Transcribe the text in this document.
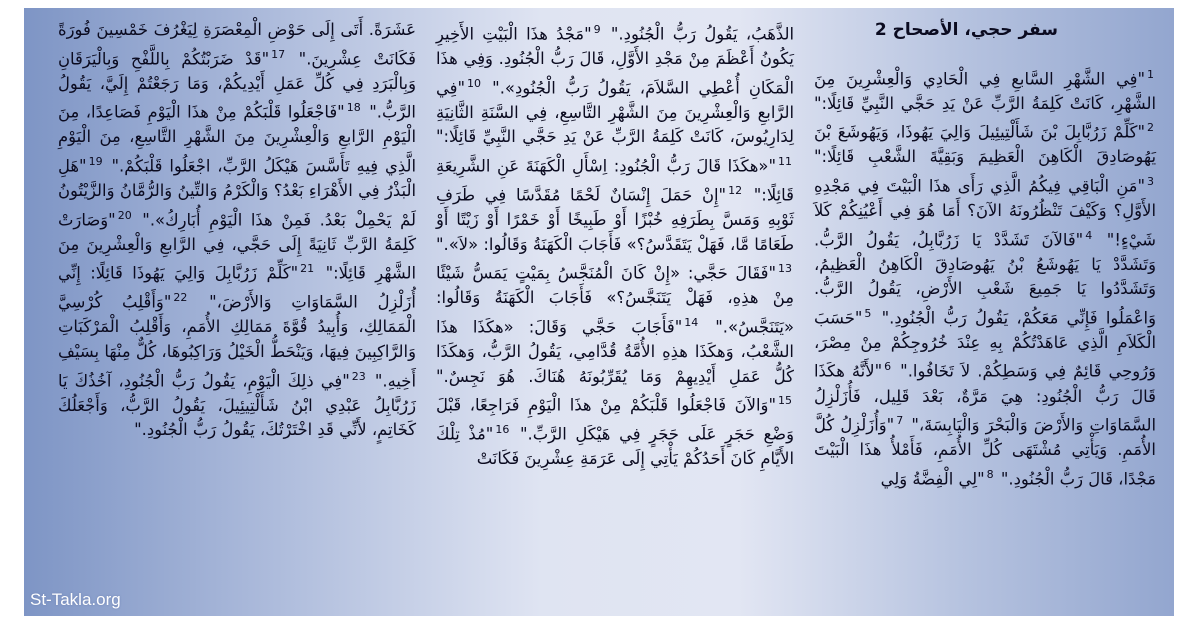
سفر حجي، الأصحاح 2
$^1$"فِي الشَّهْرِ السَّابعِ فِي الْحَادِي وَالْعِشْرِينَ مِنَ الشَّهْرِ، كَانَتْ كَلِمَةُ الرَّبِّ عَنْ يَدِ حَجَّي النَّبِيِّ قَائِلًا:" $^2$"كَلِّمْ زَرُبَّابِلَ بْنَ شَأَلْتِيئِيلَ وَالِيَ يَهُوذَا، وَيَهُوشَعَ بْنَ يَهُوصَادِقَ الْكَاهِنَ الْعَظِيمَ وَبَقِيَّةَ الشَّعْبِ قَائِلًا:" $^3$"مَنِ الْبَاقِي فِيكُمُ الَّذِي رَأَى هذَا الْبَيْتَ فِي مَجْدِهِ الأَوَّلِ؟ وَكَيْفَ تَنْظُرُونَهُ الآنَ؟ أَمَا هُوَ فِي أَعْيُنِكُمْ كَلاَ شَيْءٍ!" $^4$"فَالآنَ تَشَدَّدْ يَا زَرُبَّابِلُ، يَقُولُ الرَّبُّ. وَتَشَدَّدْ يَا يَهُوشَعُ بْنُ يَهُوصَادِقَ الْكَاهِنُ الْعَظِيمُ، وَتَشَدَّدُوا يَا جَمِيعَ شَعْبِ الأَرْضِ، يَقُولُ الرَّبُّ. وَاعْمَلُوا فَإِنِّي مَعَكُمْ، يَقُولُ رَبُّ الْجُنُودِ." $^5$"حَسَبَ الْكَلاَمِ الَّذِي عَاهَدْتُكُمْ بِهِ عِنْدَ خُرُوجِكُمْ مِنْ مِصْرَ، وَرُوحِي قَائِمٌ فِي وَسَطِكُمْ. لاَ تَخَافُوا." $^6$"لأَنَّهُ هكَذَا قَالَ رَبُّ الْجُنُودِ: هِيَ مَرَّةٌ، بَعْدَ قَلِيل، فَأُزَلْزِلُ السَّمَاوَاتِ وَالأَرْضَ وَالْبَحْرَ وَالْيَابِسَةَ،" $^7$"وَأُزَلْزِلُ كُلَّ الأُمَمِ. وَيَأْتِي مُشْتَهَى كُلِّ الأُمَمِ، فَأَمْلأُ هذَا الْبَيْتَ مَجْدًا، قَالَ رَبُّ الْجُنُودِ." $^8$"لِي الْفِضَّةُ وَلِي
الذَّهَبُ، يَقُولُ رَبُّ الْجُنُودِ." $^9$"مَجْدُ هذَا الْبَيْتِ الأَخِيرِ يَكُونُ أَعْظَمَ مِنْ مَجْدِ الأَوَّلِ، قَالَ رَبُّ الْجُنُودِ. وَفِي هذَا الْمَكَانِ أُعْطِي السَّلاَمَ، يَقُولُ رَبُّ الْجُنُودِ»." $^{10}$"فِي الرَّابعِ وَالْعِشْرِينَ مِنَ الشَّهْرِ التَّاسِعِ، فِي السَّنَةِ الثَّانِيَةِ لِدَارِيُوسَ، كَانَتْ كَلِمَةُ الرَّبِّ عَنْ يَدِ حَجَّي النَّبِيِّ قَائِلًا:" $^{11}$"«هكَذَا قَالَ رَبُّ الْجُنُودِ: اِسْأَلِ الْكَهَنَةَ عَنِ الشَّرِيعَةِ قَائِلًا:" $^{12}$"إِنْ حَمَلَ إِنْسَانٌ لَحْمًا مُقَدَّسًا فِي طَرَفِ ثَوْبِهِ وَمَسَّ بِطَرَفِهِ خُبْزًا أَوْ طَبِيخًا أَوْ خَمْرًا أَوْ زَيْتًا أَوْ طَعَامًا مَّا، فَهَلْ يَتَقَدَّسُ؟» فَأَجَابَ الْكَهَنَةُ وَقَالُوا: «لاَ»." $^{13}$"فَقَالَ حَجَّي: «إِنْ كَانَ الْمُنَجَّسُ بِمَيْتٍ يَمَسُّ شَيْئًا مِنْ هذِهِ، فَهَلْ يَتَنَجَّسُ؟» فَأَجَابَ الْكَهَنَةُ وَقَالُوا: «يَتَنَجَّسُ»." $^{14}$"فَأَجَابَ حَجَّي وَقَالَ: «هكَذَا هذَا الشَّعْبُ، وَهكَذَا هذِهِ الأُمَّةُ قُدَّامِي، يَقُولُ الرَّبُّ، وَهكَذَا كُلُّ عَمَلِ أَيْدِيهِمْ وَمَا يُقَرِّبُونَهُ هُنَاكَ. هُوَ نَجِسٌ." $^{15}$"وَالآنَ فَاجْعَلُوا قَلْبَكُمْ مِنْ هذَا الْيَوْمِ فَرَاجِعًا، قَبْلَ وَضْعِ حَجَرٍ عَلَى حَجَرٍ فِي هَيْكَلِ الرَّبِّ." $^{16}$"مُذْ تِلْكَ الأَيَّامِ كَانَ أَحَدُكُمْ يَأْتِي إِلَى عَرَمَةِ عِشْرِينَ فَكَانَتْ
عَشَرَةً. أَتَى إِلَى حَوْضِ الْمِعْصَرَةِ لِيَغْرُفَ خَمْسِينَ فُورَةً فَكَانَتْ عِشْرِينَ." $^{17}$"قَدْ ضَرَبْتُكُمْ بِاللَّفْحِ وَبِالْيَرَقَانِ وَبِالْبَرَدِ فِي كُلِّ عَمَلِ أَيْدِيكُمْ، وَمَا رَجَعْتُمْ إِلَيَّ، يَقُولُ الرَّبُّ." $^{18}$"فَاجْعَلُوا قَلْبَكُمْ مِنْ هذَا الْيَوْمِ فَصَاعِدًا، مِنَ الْيَوْمِ الرَّابعِ وَالْعِشْرِينَ مِنَ الشَّهْرِ التَّاسِعِ، مِنَ الْيَوْمِ الَّذِي فِيهِ تَأَسَّسَ هَيْكَلُ الرَّبِّ، اجْعَلُوا قَلْبَكُمْ." $^{19}$"هَلِ الْبَذْرُ فِي الأَهْرَاءِ بَعْدُ؟ وَالْكَرْمُ وَالتِّينُ وَالرُّمَّانُ وَالزَّيْتُونُ لَمْ يَحْمِلْ بَعْدُ. فَمِنْ هذَا الْيَوْمِ أُبَارِكُ»." $^{20}$"وَصَارَتْ كَلِمَةُ الرَّبِّ ثَانِيَةً إِلَى حَجَّي، فِي الرَّابعِ وَالْعِشْرِينَ مِنَ الشَّهْرِ قَائِلًا:" $^{21}$"كَلِّمْ زَرُبَّابِلَ وَالِيَ يَهُوذَا قَائِلًا: إِنِّي أُزَلْزِلُ السَّمَاوَاتِ وَالأَرْضَ،" $^{22}$"وَأَقْلِبُ كُرْسِيَّ الْمَمَالِكِ، وَأُبِيدُ قُوَّةَ مَمَالِكِ الأُمَمِ، وَأَقْلِبُ الْمَرْكَبَاتِ وَالرَّاكِبِينَ فِيهَا، وَيَنْحَطُّ الْخَيْلُ وَرَاكِبُوهَا، كُلٌّ مِنْهَا بِسَيْفِ أَخِيهِ." $^{23}$"فِي ذلِكَ الْيَوْمِ، يَقُولُ رَبُّ الْجُنُودِ، آخُذُكَ يَا زَرُبَّابِلُ عَبْدِي ابْنُ شَأَلْتِيئِيلَ، يَقُولُ الرَّبُّ، وَأَجْعَلُكَ كَخَاتِمٍ، لأَنِّي قَدِ اخْتَرْتُكَ، يَقُولُ رَبُّ الْجُنُودِ."
St-Takla.org
